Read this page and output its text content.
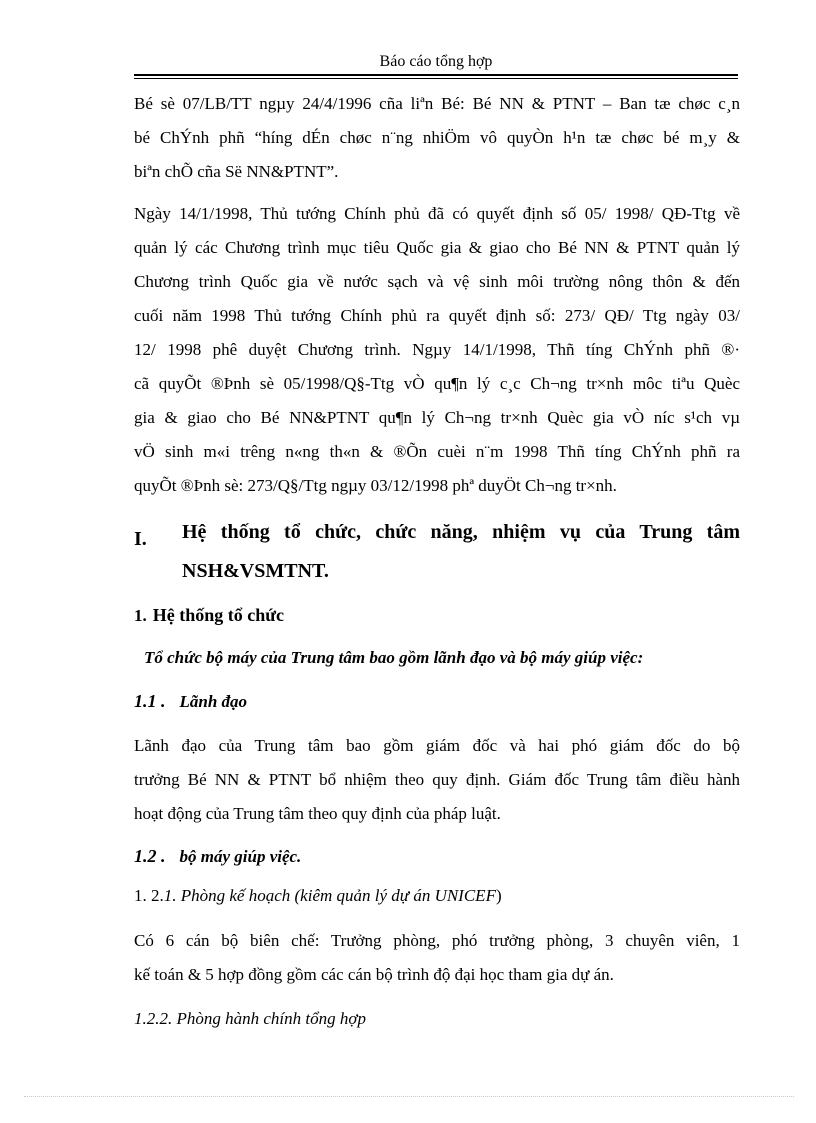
Báo cáo tổng hợp
Bé sè 07/LB/TT ngµy 24/4/1996 cña liªn Bé: Bé NN & PTNT – Ban tæ chøc c¸n
bé ChÝnh phñ “híng dÉn chøc n¨ng nhiÖm vô quyÒn h¹n tæ chøc bé m¸y &
biªn chÕ cña Së NN&PTNT”.
Ngày 14/1/1998, Thủ tướng Chính phủ đã có quyết định số 05/ 1998/ QĐ-Ttg về
quản lý các Chương trình mục tiêu Quốc gia & giao cho Bé NN & PTNT quản lý
Chương trình Quốc gia về nước sạch và vệ sinh môi trường nông thôn & đến
cuối năm 1998 Thủ tướng Chính phủ ra quyết định số: 273/ QĐ/ Ttg ngày 03/
12/ 1998 phê duyệt Chương trình. Ngµy 14/1/1998, Thñ tíng ChÝnh phñ ®·
cã quyÕt ®Þnh sè 05/1998/Q§-Ttg vÒ qu¶n lý c¸c Ch¬ng tr×nh môc tiªu Quèc
gia & giao cho Bé NN&PTNT qu¶n lý Ch¬ng tr×nh Quèc gia vÒ níc s¹ch vµ
vÖ sinh m«i trêng n«ng th«n & ®Õn cuèi n¨m 1998 Thñ tíng ChÝnh phñ ra
quyÕt ®Þnh sè: 273/Q§/Ttg ngµy 03/12/1998 phª duyÖt Ch¬ng tr×nh.
I. Hệ thống tổ chức, chức năng, nhiệm vụ của Trung tâm
NSH&VSMTNT.
1. Hệ thống tổ chức
Tổ chức bộ máy của Trung tâm bao gồm lãnh đạo và bộ máy giúp việc:
1.1 . Lãnh đạo
Lãnh đạo của Trung tâm bao gồm giám đốc và hai phó giám đốc do bộ
trưởng Bé NN & PTNT bổ nhiệm theo quy định. Giám đốc Trung tâm điều hành
hoạt động của Trung tâm theo quy định của pháp luật.
1.2 . bộ máy giúp việc.
1. 2.1. Phòng kế hoạch (kiêm quản lý dự án UNICEF)
Có 6 cán bộ biên chế: Trưởng phòng, phó trưởng phòng, 3 chuyên viên, 1
kế toán & 5 hợp đồng gồm các cán bộ trình độ đại học tham gia dự án.
1.2.2. Phòng hành chính tổng hợp
